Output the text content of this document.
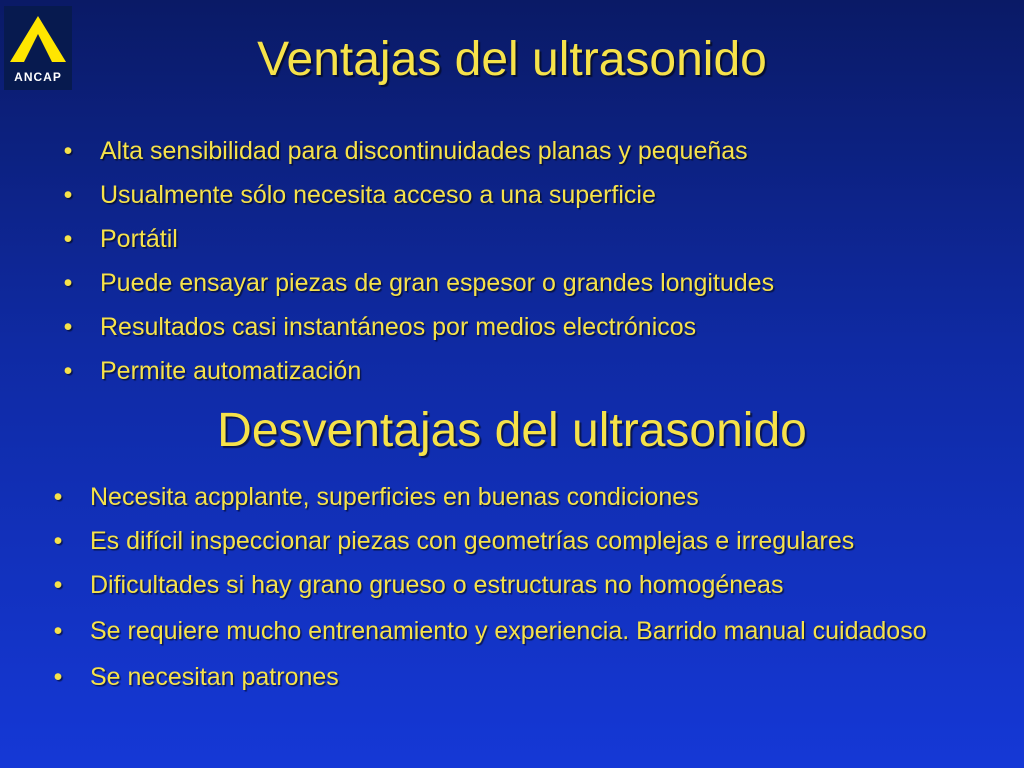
ANCAP	Ventajas del ultrasonido
• Alta sensibilidad para discontinuidades planas y pequeñas
• Usualmente sólo necesita acceso a una superficie
• Portátil
• Puede ensayar piezas de gran espesor o grandes longitudes
• Resultados casi instantáneos por medios electrónicos
• Permite automatización
Desventajas del ultrasonido
• Necesita acpplante, superficies en buenas condiciones
• Es difícil inspeccionar piezas con geometrías complejas e irregulares
• Dificultades si hay grano grueso o estructuras no homogéneas
• Se requiere mucho entrenamiento y experiencia. Barrido manual cuidadoso
• Se necesitan patrones
